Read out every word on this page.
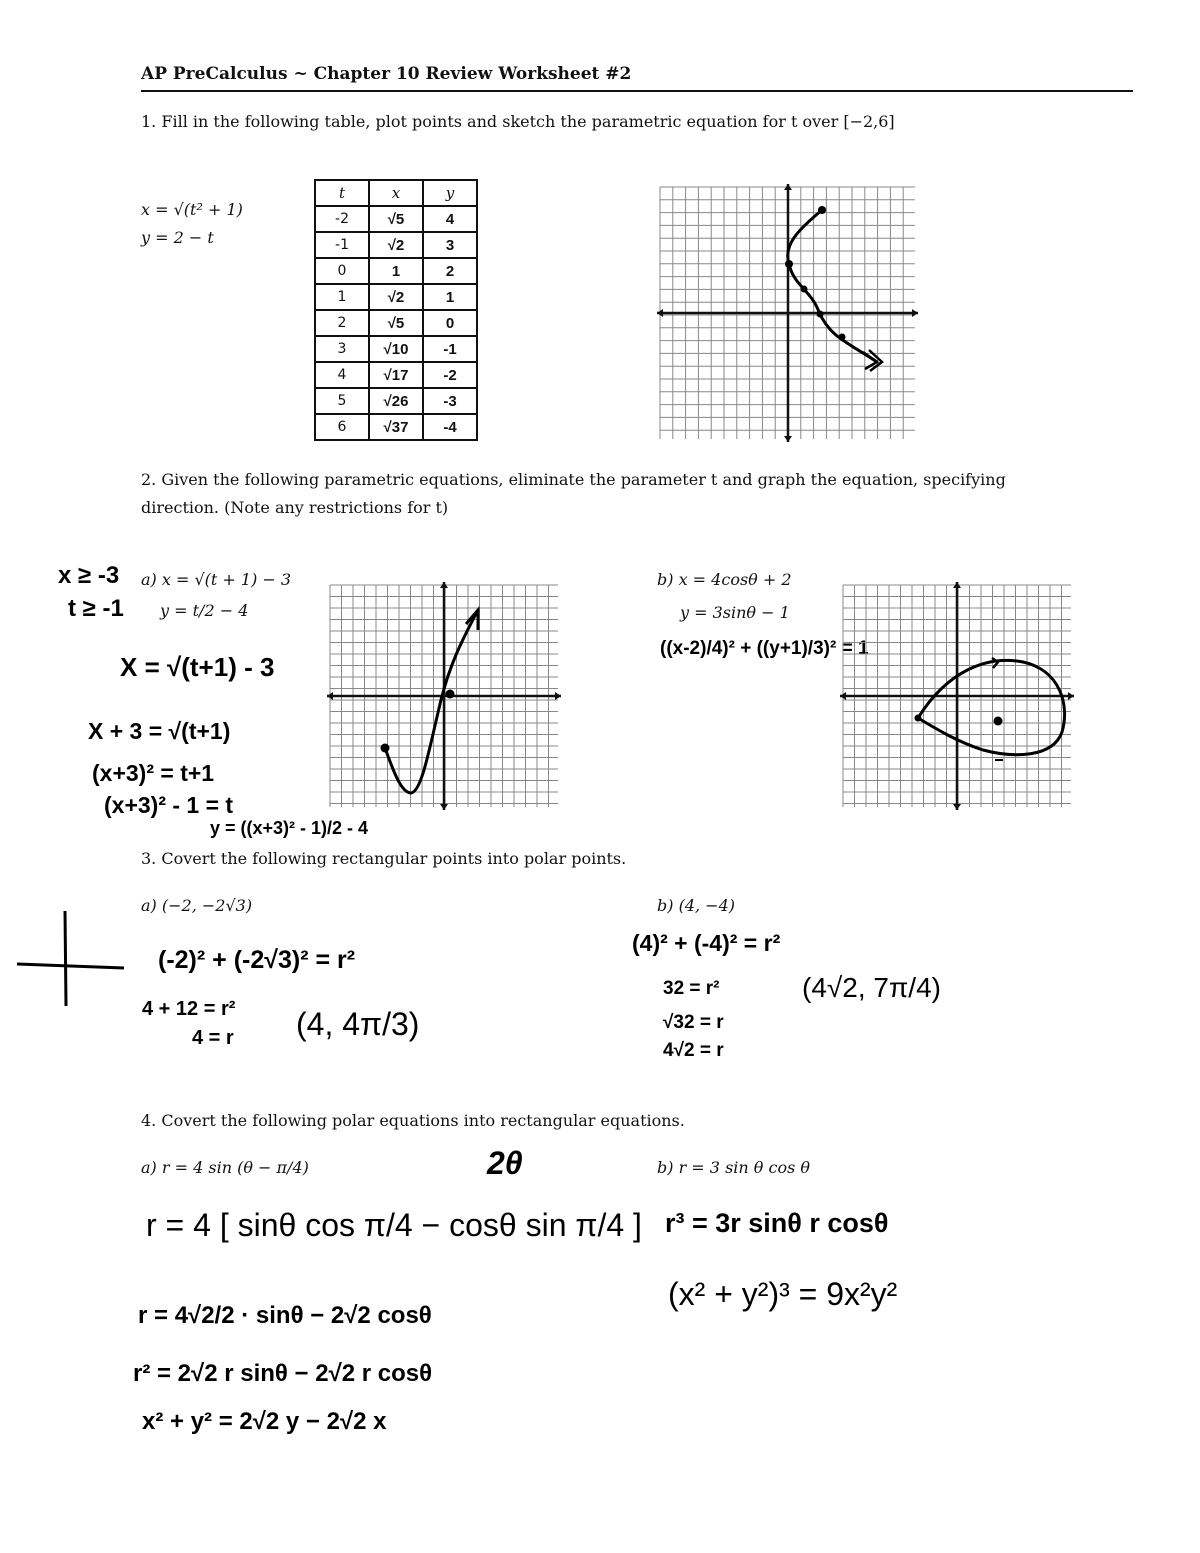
AP PreCalculus ~ Chapter 10 Review Worksheet #2
1. Fill in the following table, plot points and sketch the parametric equation for t over [−2,6]
x = √(t² + 1)
y = 2 − t
t	x	y
-2	√5	4
-1	√2	3
0	1	2
1	√2	1
2	√5	0
3	√10	-1
4	√17	-2
5	√26	-3
6	√37	-4
2. Given the following parametric equations, eliminate the parameter t and graph the equation, specifying
direction. (Note any restrictions for t)
a) x = √(t + 1) − 3
y = t/2 − 4
x ≥ -3
t ≥ -1
X = √(t+1) - 3
X + 3 = √(t+1)
(x+3)² = t+1
(x+3)² - 1 = t
y = ((x+3)² - 1)/2 - 4
b) x = 4cosθ + 2
y = 3sinθ − 1
((x-2)/4)² + ((y+1)/3)² = 1
3. Covert the following rectangular points into polar points.
a) (−2, −2√3)
(-2)² + (-2√3)² = r²
4 + 12 = r²
4 = r (4, 4π/3)
b) (4, −4)
(4)² + (-4)² = r²
32 = r²
√32 = r
4√2 = r
(4√2, 7π/4)
4. Covert the following polar equations into rectangular equations.
a) r = 4 sin (θ − π/4)	2θ
r = 4 [ sinθ cos π/4 − cosθ sin π/4 ]
r = 4√2/2 · sinθ − 2√2 cosθ
r² = 2√2 r sinθ − 2√2 r cosθ
x² + y² = 2√2 y − 2√2 x
b) r = 3 sin θ cos θ
r³ = 3r sinθ r cosθ
(x² + y²)³ = 9x²y²
